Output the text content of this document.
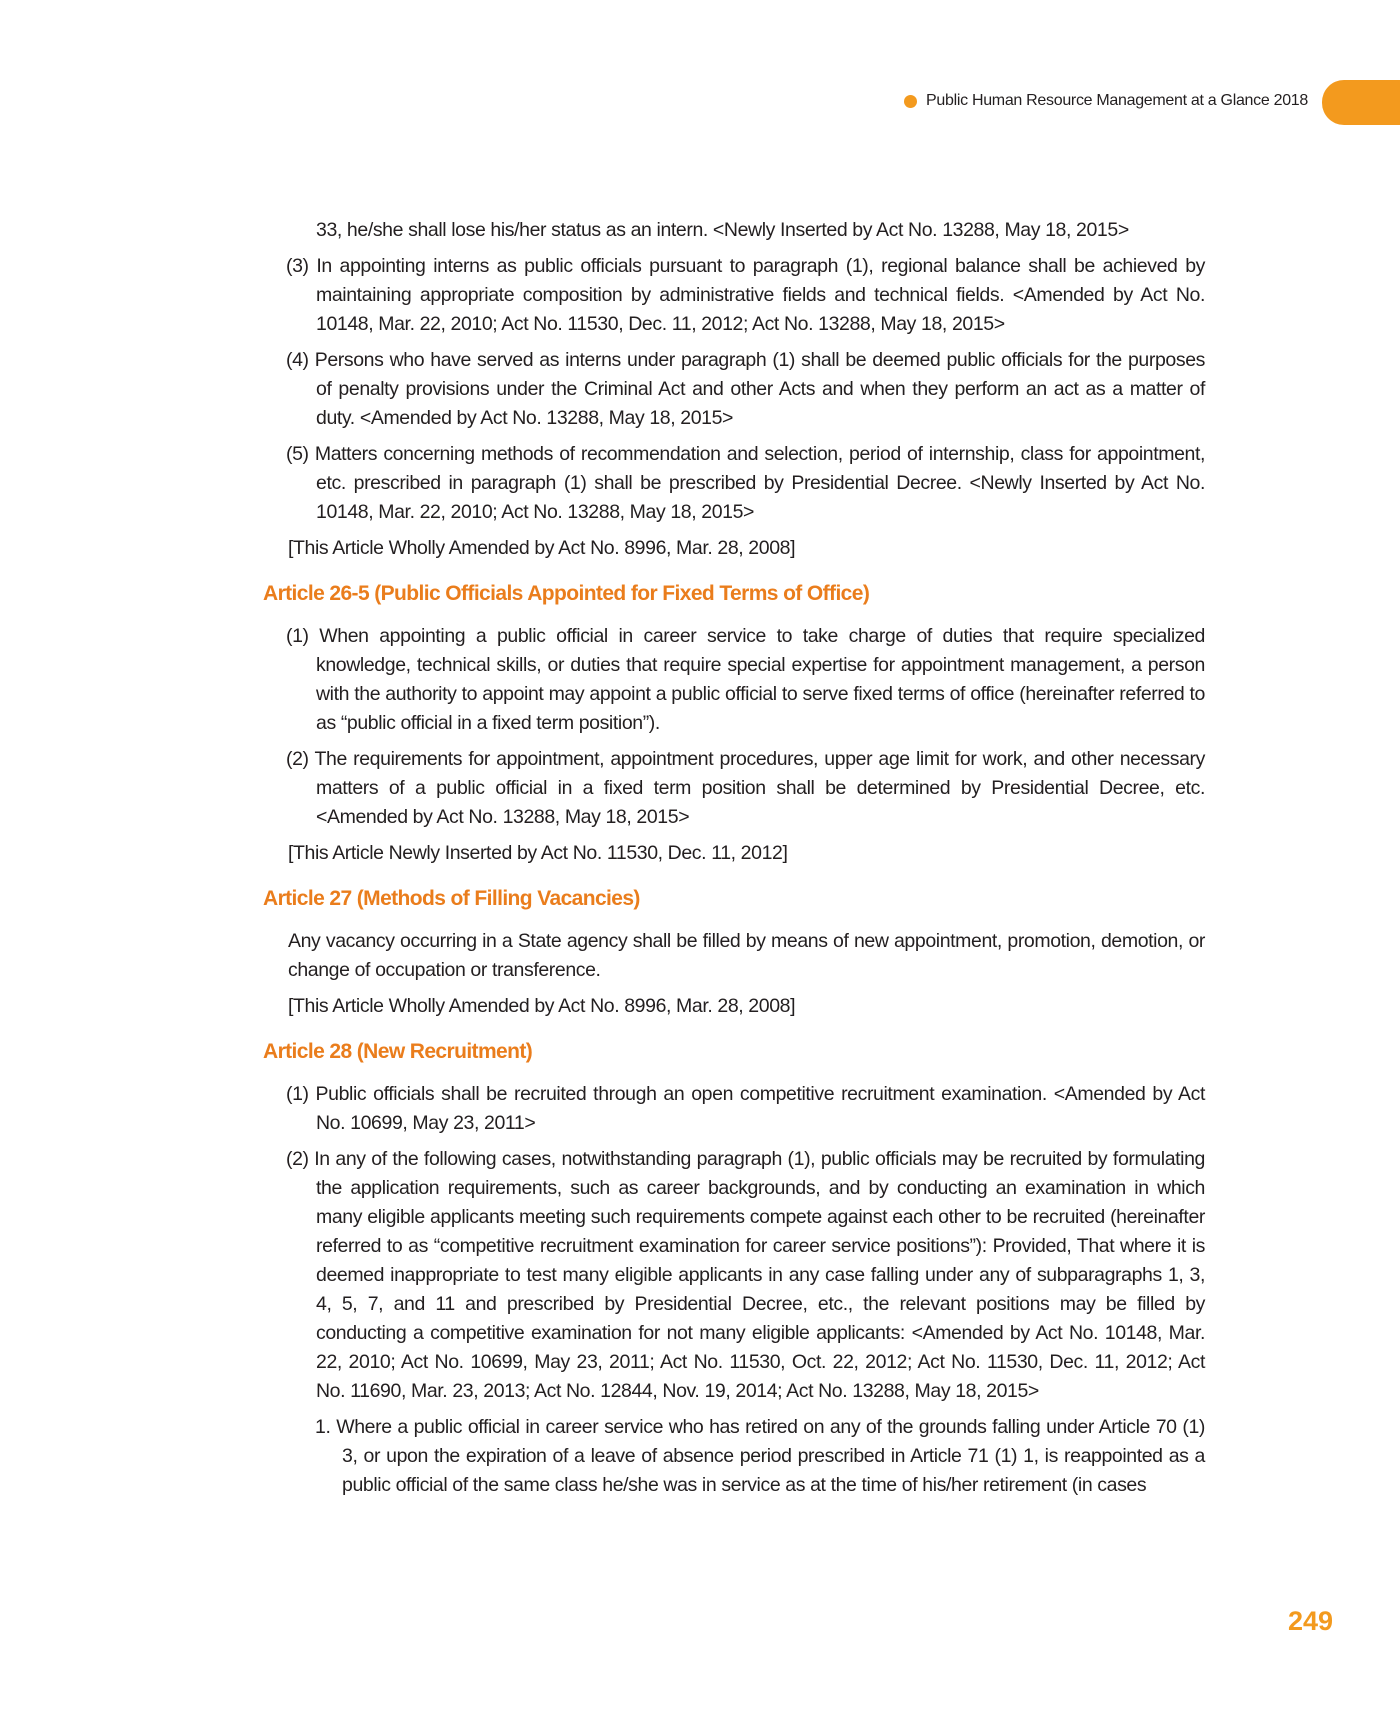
Public Human Resource Management at a Glance 2018

33, he/she shall lose his/her status as an intern. <Newly Inserted by Act No. 13288, May 18, 2015>

(3) In appointing interns as public officials pursuant to paragraph (1), regional balance shall be achieved by maintaining appropriate composition by administrative fields and technical fields. <Amended by Act No. 10148, Mar. 22, 2010; Act No. 11530, Dec. 11, 2012; Act No. 13288, May 18, 2015>

(4) Persons who have served as interns under paragraph (1) shall be deemed public officials for the purposes of penalty provisions under the Criminal Act and other Acts and when they perform an act as a matter of duty. <Amended by Act No. 13288, May 18, 2015>

(5) Matters concerning methods of recommendation and selection, period of internship, class for appointment, etc. prescribed in paragraph (1) shall be prescribed by Presidential Decree. <Newly Inserted by Act No. 10148, Mar. 22, 2010; Act No. 13288, May 18, 2015>

[This Article Wholly Amended by Act No. 8996, Mar. 28, 2008]

Article 26-5 (Public Officials Appointed for Fixed Terms of Office)

(1) When appointing a public official in career service to take charge of duties that require specialized knowledge, technical skills, or duties that require special expertise for appointment management, a person with the authority to appoint may appoint a public official to serve fixed terms of office (hereinafter referred to as “public official in a fixed term position”).

(2) The requirements for appointment, appointment procedures, upper age limit for work, and other necessary matters of a public official in a fixed term position shall be determined by Presidential Decree, etc. <Amended by Act No. 13288, May 18, 2015>

[This Article Newly Inserted by Act No. 11530, Dec. 11, 2012]

Article 27 (Methods of Filling Vacancies)

Any vacancy occurring in a State agency shall be filled by means of new appointment, promotion, demotion, or change of occupation or transference.

[This Article Wholly Amended by Act No. 8996, Mar. 28, 2008]

Article 28 (New Recruitment)

(1) Public officials shall be recruited through an open competitive recruitment examination. <Amended by Act No. 10699, May 23, 2011>

(2) In any of the following cases, notwithstanding paragraph (1), public officials may be recruited by formulating the application requirements, such as career backgrounds, and by conducting an examination in which many eligible applicants meeting such requirements compete against each other to be recruited (hereinafter referred to as “competitive recruitment examination for career service positions”): Provided, That where it is deemed inappropriate to test many eligible applicants in any case falling under any of subparagraphs 1, 3, 4, 5, 7, and 11 and prescribed by Presidential Decree, etc., the relevant positions may be filled by conducting a competitive examination for not many eligible applicants: <Amended by Act No. 10148, Mar. 22, 2010; Act No. 10699, May 23, 2011; Act No. 11530, Oct. 22, 2012; Act No. 11530, Dec. 11, 2012; Act No. 11690, Mar. 23, 2013; Act No. 12844, Nov. 19, 2014; Act No. 13288, May 18, 2015>

1. Where a public official in career service who has retired on any of the grounds falling under Article 70 (1) 3, or upon the expiration of a leave of absence period prescribed in Article 71 (1) 1, is reappointed as a public official of the same class he/she was in service as at the time of his/her retirement (in cases

249
